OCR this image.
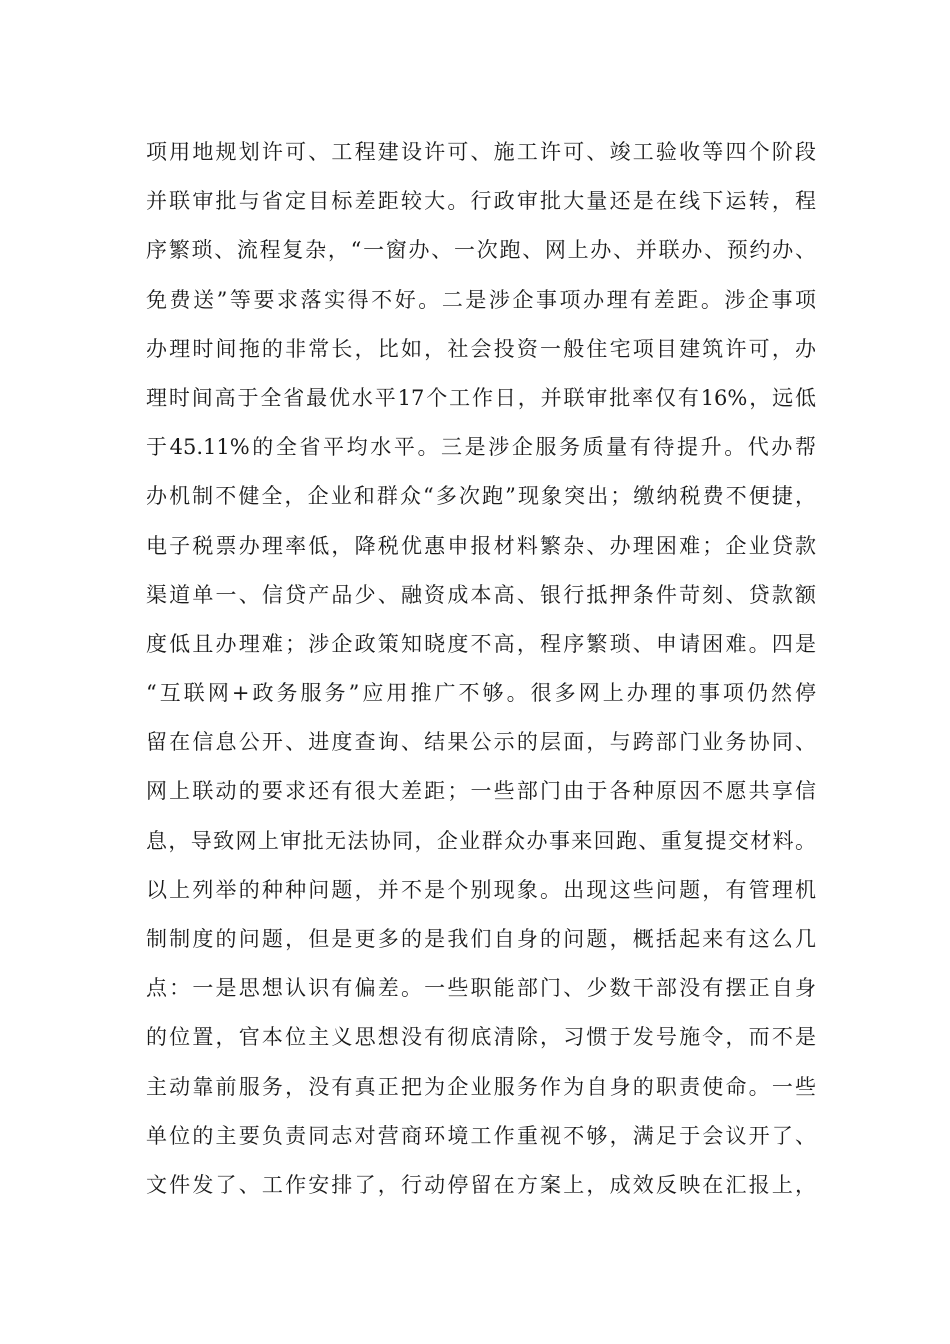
项用地规划许可、工程建设许可、施工许可、竣工验收等四个阶段
并联审批与省定目标差距较大。行政审批大量还是在线下运转，程
序繁琐、流程复杂，“一窗办、一次跑、网上办、并联办、预约办、
免费送”等要求落实得不好。二是涉企事项办理有差距。涉企事项
办理时间拖的非常长，比如，社会投资一般住宅项目建筑许可，办
理时间高于全省最优水平17个工作日，并联审批率仅有16%，远低
于45.11%的全省平均水平。三是涉企服务质量有待提升。代办帮
办机制不健全，企业和群众“多次跑”现象突出；缴纳税费不便捷，
电子税票办理率低，降税优惠申报材料繁杂、办理困难；企业贷款
渠道单一、信贷产品少、融资成本高、银行抵押条件苛刻、贷款额
度低且办理难；涉企政策知晓度不高，程序繁琐、申请困难。四是
“互联网+政务服务”应用推广不够。很多网上办理的事项仍然停
留在信息公开、进度查询、结果公示的层面，与跨部门业务协同、
网上联动的要求还有很大差距；一些部门由于各种原因不愿共享信
息，导致网上审批无法协同，企业群众办事来回跑、重复提交材料。
以上列举的种种问题，并不是个别现象。出现这些问题，有管理机
制制度的问题，但是更多的是我们自身的问题，概括起来有这么几
点：一是思想认识有偏差。一些职能部门、少数干部没有摆正自身
的位置，官本位主义思想没有彻底清除，习惯于发号施令，而不是
主动靠前服务，没有真正把为企业服务作为自身的职责使命。一些
单位的主要负责同志对营商环境工作重视不够，满足于会议开了、
文件发了、工作安排了，行动停留在方案上，成效反映在汇报上，
